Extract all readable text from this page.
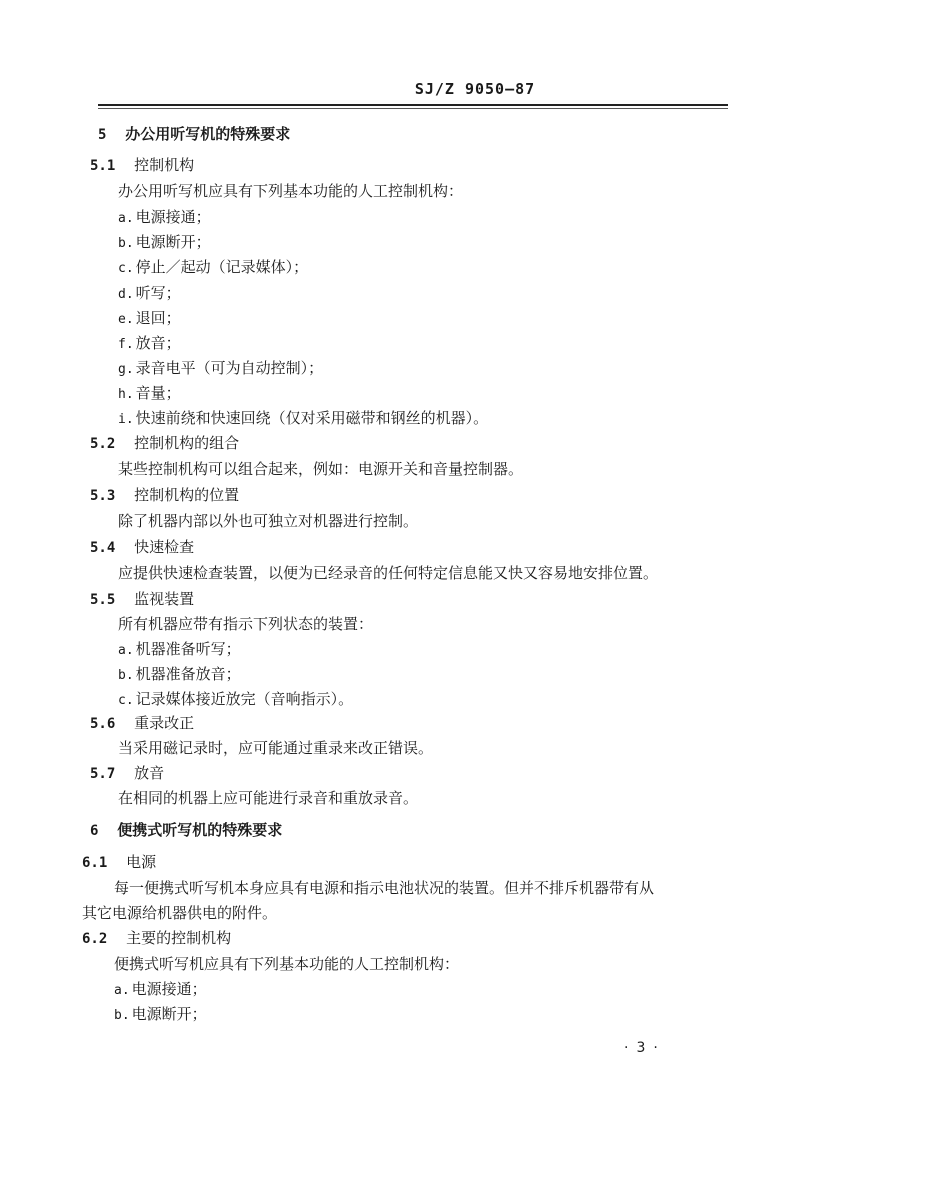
SJ/Z 9050—87
5 办公用听写机的特殊要求
5.1 控制机构
办公用听写机应具有下列基本功能的人工控制机构：
a. 电源接通；
b. 电源断开；
c. 停止／起动（记录媒体）；
d. 听写；
e. 退回；
f. 放音；
g. 录音电平（可为自动控制）；
h. 音量；
i. 快速前绕和快速回绕（仅对采用磁带和钢丝的机器）。
5.2 控制机构的组合
某些控制机构可以组合起来，例如：电源开关和音量控制器。
5.3 控制机构的位置
除了机器内部以外也可独立对机器进行控制。
5.4 快速检查
应提供快速检查装置，以便为已经录音的任何特定信息能又快又容易地安排位置。
5.5 监视装置
所有机器应带有指示下列状态的装置：
a. 机器准备听写；
b. 机器准备放音；
c. 记录媒体接近放完（音响指示）。
5.6 重录改正
当采用磁记录时，应可能通过重录来改正错误。
5.7 放音
在相同的机器上应可能进行录音和重放录音。
6 便携式听写机的特殊要求
6.1 电源
每一便携式听写机本身应具有电源和指示电池状况的装置。但并不排斥机器带有从
其它电源给机器供电的附件。
6.2 主要的控制机构
便携式听写机应具有下列基本功能的人工控制机构：
a. 电源接通；
b. 电源断开；
·3·
